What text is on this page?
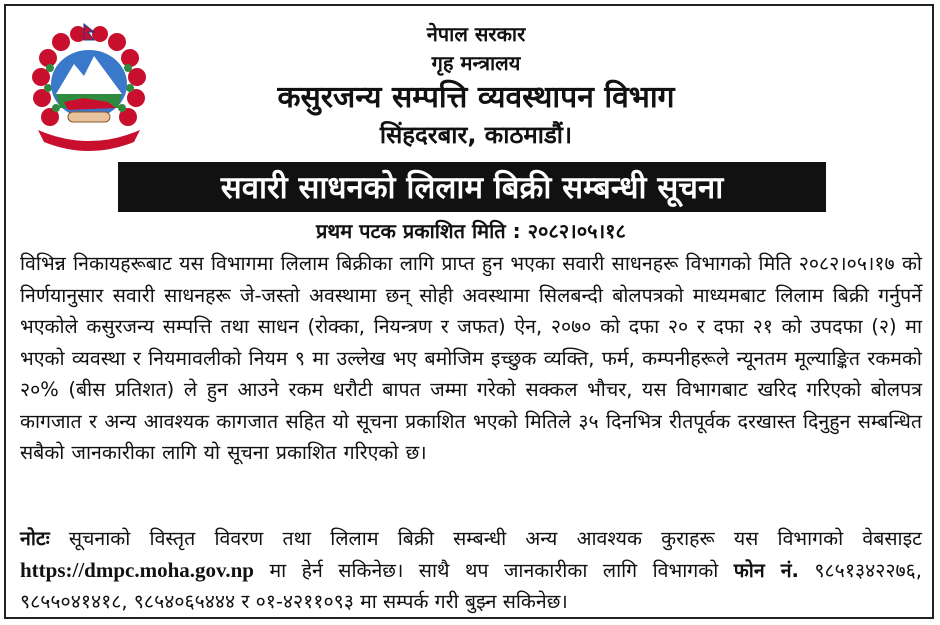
नेपाल सरकार
गृह मन्त्रालय
कसुरजन्य सम्पत्ति व्यवस्थापन विभाग
सिंहदरबार, काठमाडौं।
सवारी साधनको लिलाम बिक्री सम्बन्धी सूचना
प्रथम पटक प्रकाशित मिति : २०८२।०५।१८
विभिन्न निकायहरूबाट यस विभागमा लिलाम बिक्रीका लागि प्राप्त हुन भएका सवारी साधनहरू विभागको मिति २०८२।०५।१७ को निर्णयानुसार सवारी साधनहरू जे-जस्तो अवस्थामा छन् सोही अवस्थामा सिलबन्दी बोलपत्रको माध्यमबाट लिलाम बिक्री गर्नुपर्ने भएकोले कसुरजन्य सम्पत्ति तथा साधन (रोक्का, नियन्त्रण र जफत) ऐन, २०७० को दफा २० र दफा २१ को उपदफा (२) मा भएको व्यवस्था र नियमावलीको नियम ९ मा उल्लेख भए बमोजिम इच्छुक व्यक्ति, फर्म, कम्पनीहरूले न्यूनतम मूल्याङ्कित रकमको २०% (बीस प्रतिशत) ले हुन आउने रकम धरौटी बापत जम्मा गरेको सक्कल भौचर, यस विभागबाट खरिद गरिएको बोलपत्र कागजात र अन्य आवश्यक कागजात सहित यो सूचना प्रकाशित भएको मितिले ३५ दिनभित्र रीतपूर्वक दरखास्त दिनुहुन सम्बन्धित सबैको जानकारीका लागि यो सूचना प्रकाशित गरिएको छ।
नोटः सूचनाको विस्तृत विवरण तथा लिलाम बिक्री सम्बन्धी अन्य आवश्यक कुराहरू यस विभागको वेबसाइट https://dmpc.moha.gov.np मा हेर्न सकिनेछ। साथै थप जानकारीका लागि विभागको फोन नं. ९८५१३४२२७६, ९८५५०४१४१८, ९८५४०६५४४४ र ०१-४२११०९३ मा सम्पर्क गरी बुझ्न सकिनेछ।
